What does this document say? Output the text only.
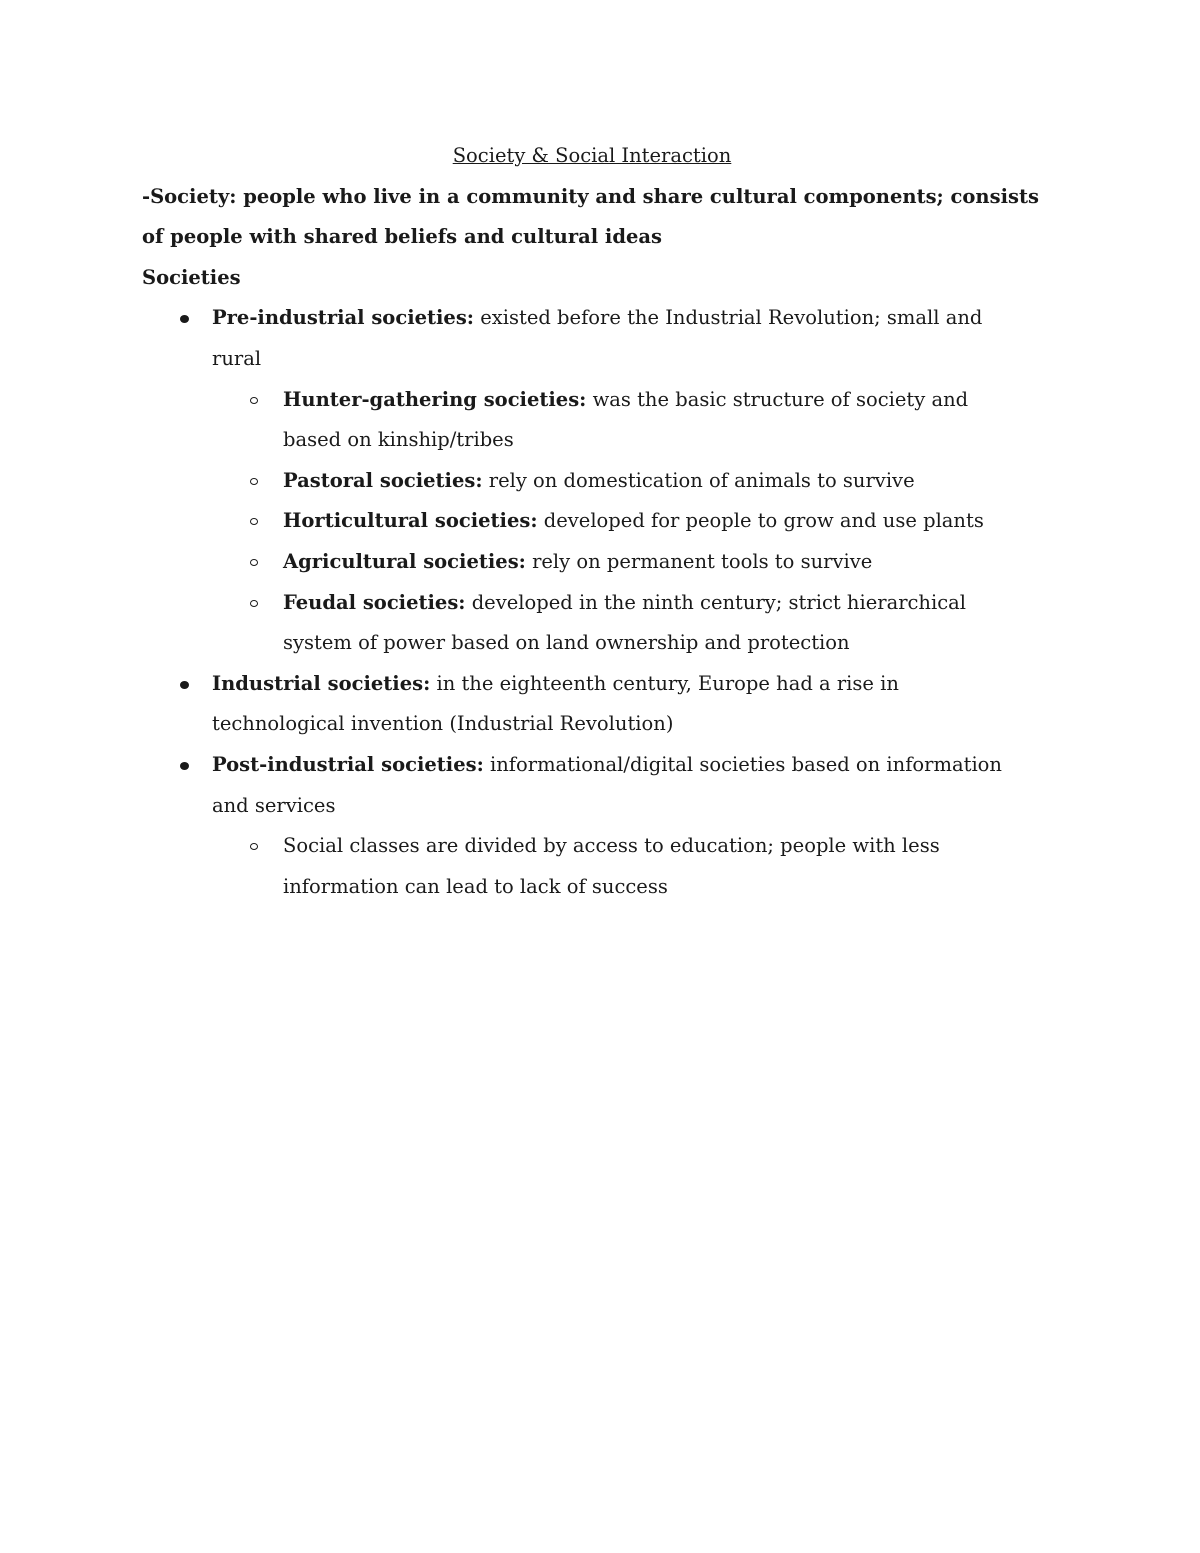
Society & Social Interaction

-Society: people who live in a community and share cultural components; consists of people with shared beliefs and cultural ideas

Societies

Pre-industrial societies: existed before the Industrial Revolution; small and rural
Hunter-gathering societies: was the basic structure of society and based on kinship/tribes
Pastoral societies: rely on domestication of animals to survive
Horticultural societies: developed for people to grow and use plants
Agricultural societies: rely on permanent tools to survive
Feudal societies: developed in the ninth century; strict hierarchical system of power based on land ownership and protection
Industrial societies: in the eighteenth century, Europe had a rise in technological invention (Industrial Revolution)
Post-industrial societies: informational/digital societies based on information and services
Social classes are divided by access to education; people with less information can lead to lack of success
